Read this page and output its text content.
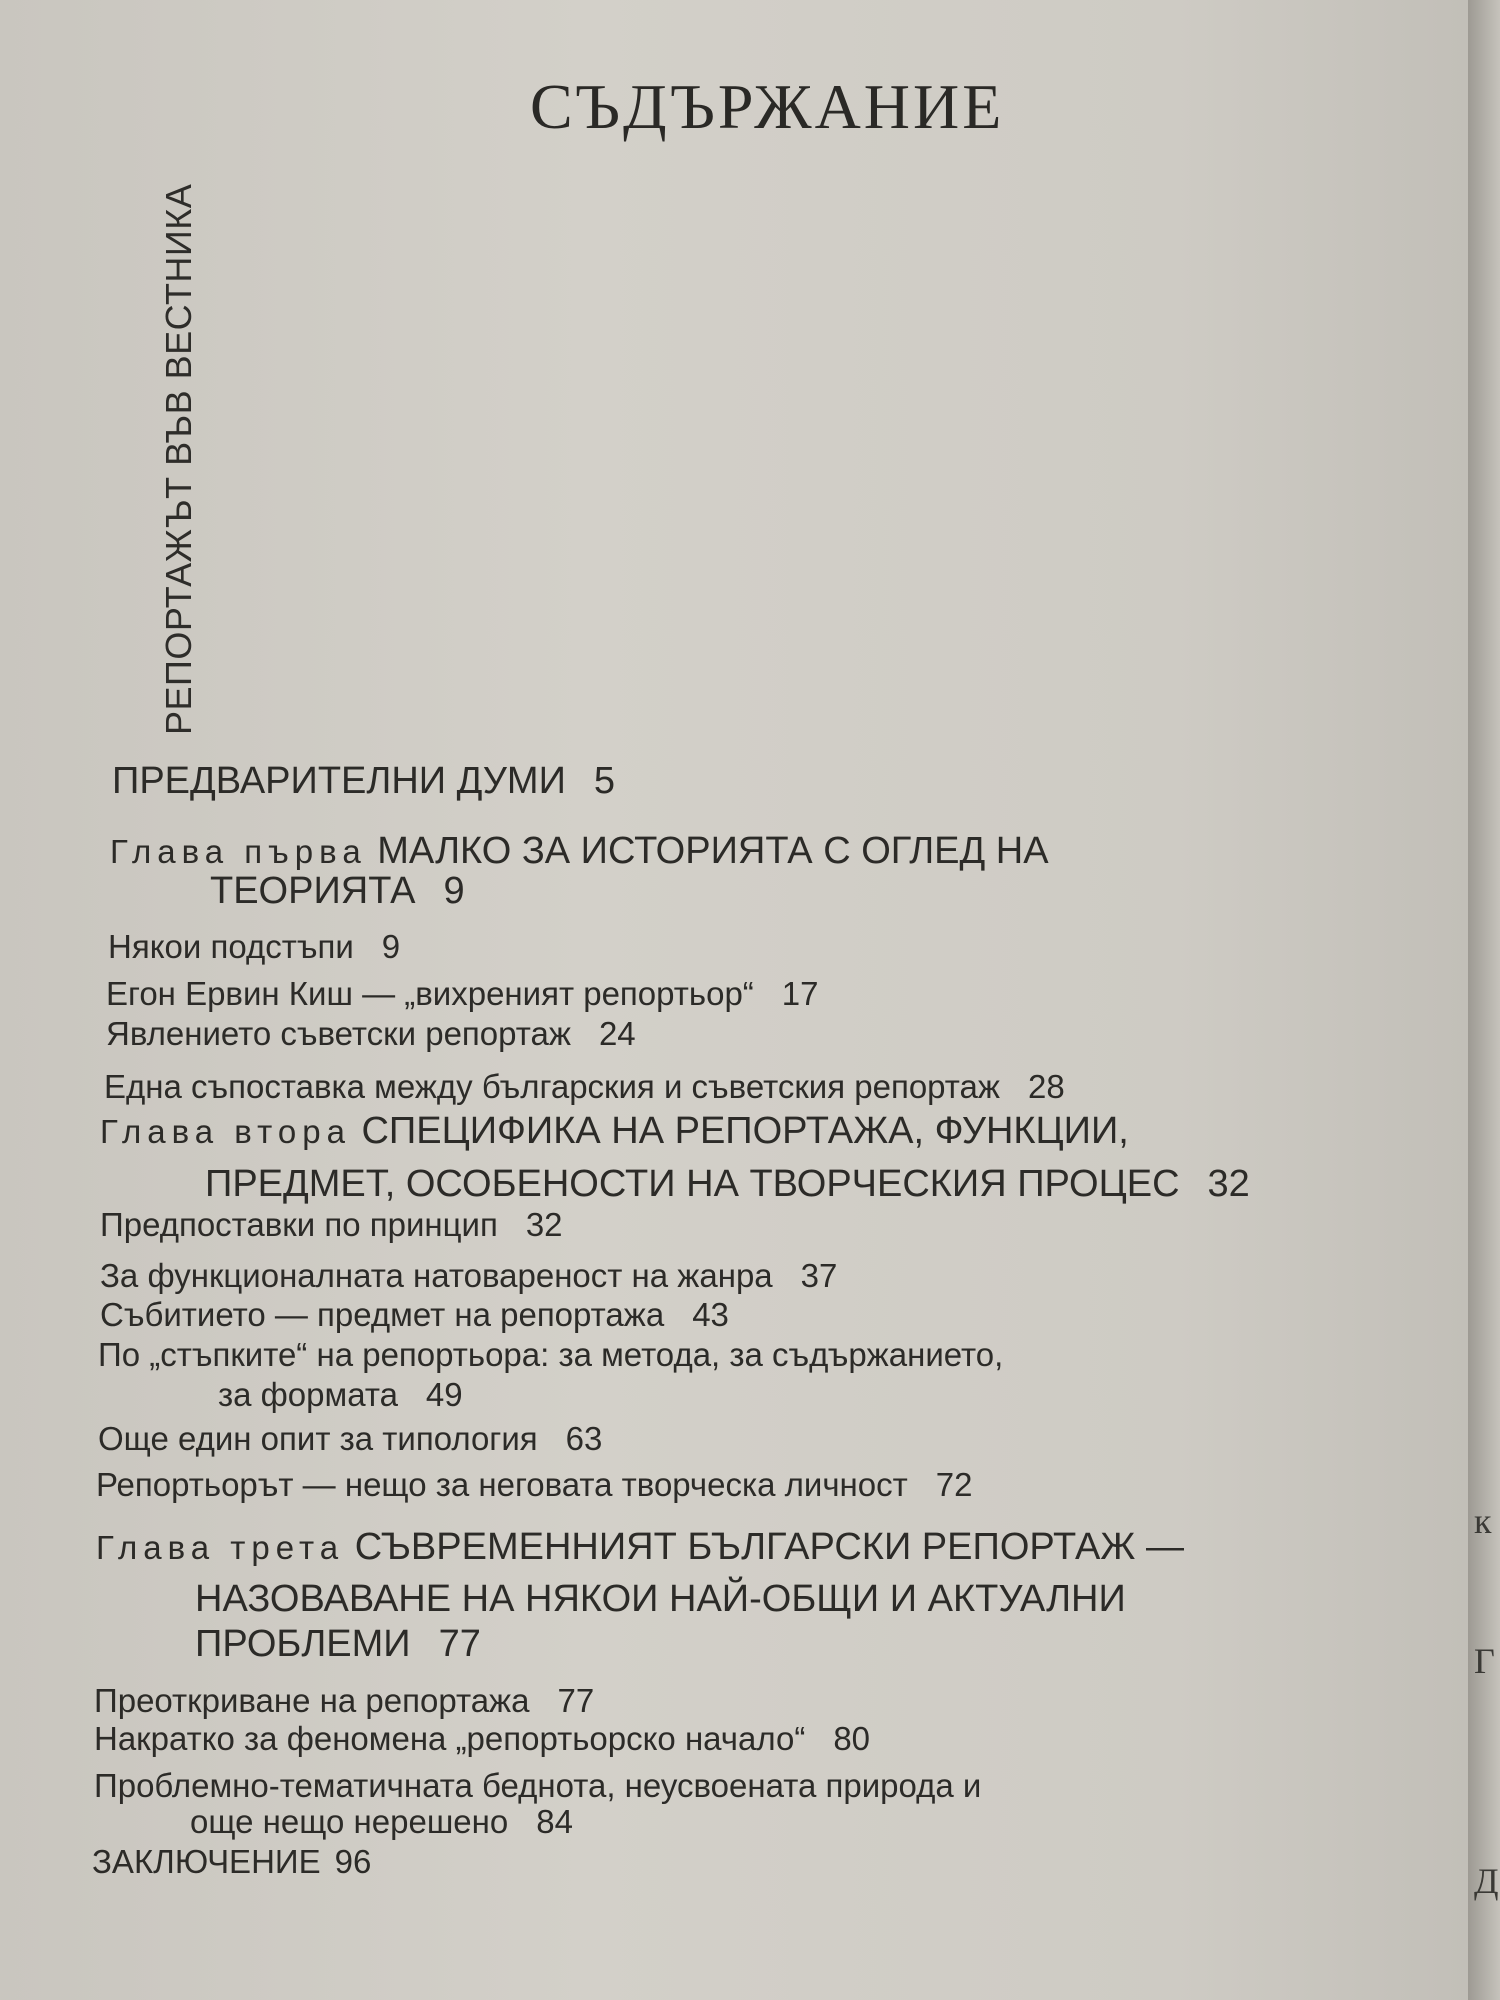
к
Г
Д
РЕПОРТАЖЪТ ВЪВ ВЕСТНИКА
СЪДЪРЖАНИЕ
ПРЕДВАРИТЕЛНИ ДУМИ 5
Глава първа МАЛКО ЗА ИСТОРИЯТА С ОГЛЕД НА
ТЕОРИЯТА 9
Някои подстъпи 9
Егон Ервин Киш — „вихреният репортьор“ 17
Явлението съветски репортаж 24
Една съпоставка между българския и съветския репортаж 28
Глава втора СПЕЦИФИКА НА РЕПОРТАЖА, ФУНКЦИИ,
ПРЕДМЕТ, ОСОБЕНОСТИ НА ТВОРЧЕСКИЯ ПРОЦЕС 32
Предпоставки по принцип 32
За функционалната натовареност на жанра 37
Събитието — предмет на репортажа 43
По „стъпките“ на репортьора: за метода, за съдържанието,
за формата 49
Още един опит за типология 63
Репортьорът — нещо за неговата творческа личност 72
Глава трета СЪВРЕМЕННИЯТ БЪЛГАРСКИ РЕПОРТАЖ —
НАЗОВАВАНЕ НА НЯКОИ НАЙ-ОБЩИ И АКТУАЛНИ
ПРОБЛЕМИ 77
Преоткриване на репортажа 77
Накратко за феномена „репортьорско начало“ 80
Проблемно-тематичната беднота, неусвоената природа и
още нещо нерешено 84
ЗАКЛЮЧЕНИЕ 96
